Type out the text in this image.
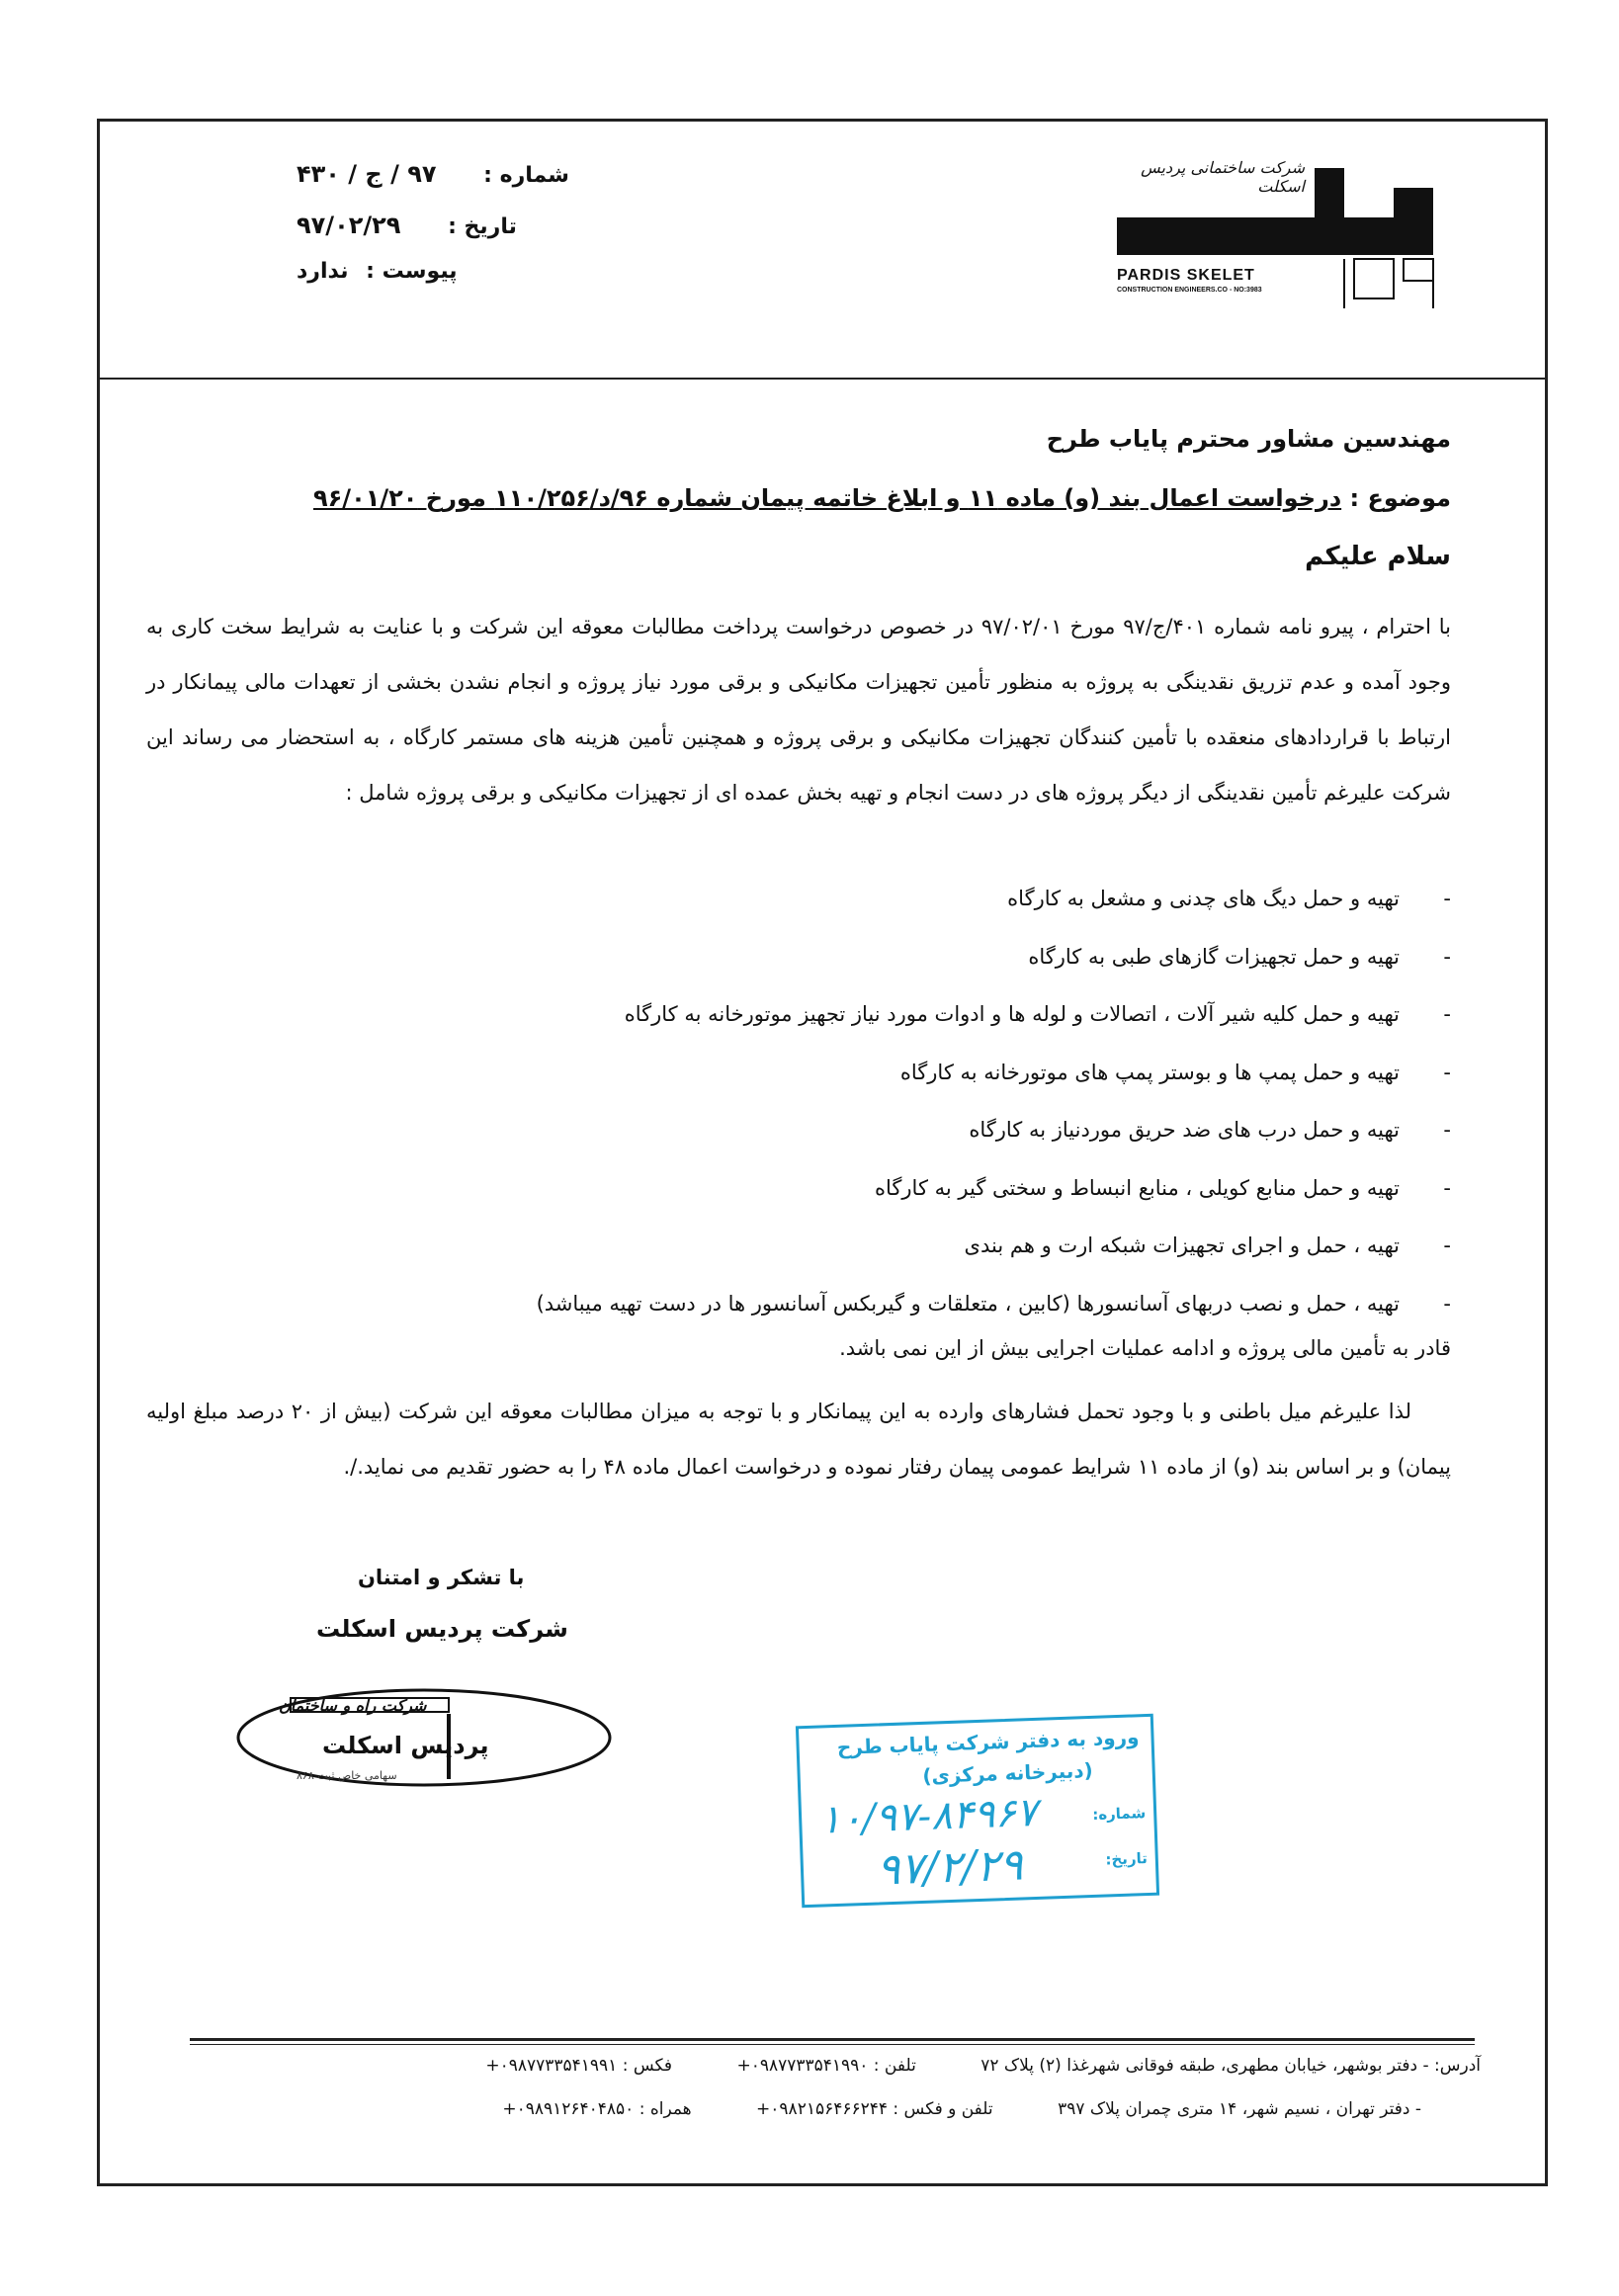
شماره : ۹۷ / ج / ۴۳۰
تاریخ : ۹۷/۰۲/۲۹
پیوست : ندارد
شرکت ساختمانی پردیس اسکلت
PARDIS SKELET
CONSTRUCTION ENGINEERS.CO - NO:3983
مهندسین مشاور محترم پایاب طرح
موضوع : درخواست اعمال بند (و) ماده ۱۱ و ابلاغ خاتمه پیمان شماره ۹۶/د/۱۱۰/۲۵۶ مورخ ۹۶/۰۱/۲۰
سلام علیکم
با احترام ، پیرو نامه شماره ۴۰۱/ج/۹۷ مورخ ۹۷/۰۲/۰۱ در خصوص درخواست پرداخت مطالبات معوقه این شرکت و با عنایت به شرایط سخت کاری به وجود آمده و عدم تزریق نقدینگی به پروژه به منظور تأمین تجهیزات مکانیکی و برقی مورد نیاز پروژه و انجام نشدن بخشی از تعهدات مالی پیمانکار در ارتباط با قراردادهای منعقده با تأمین کنندگان تجهیزات مکانیکی و برقی پروژه و همچنین تأمین هزینه های مستمر کارگاه ، به استحضار می رساند این شرکت علیرغم تأمین نقدینگی از دیگر پروژه های در دست انجام و تهیه بخش عمده ای از تجهیزات مکانیکی و برقی پروژه شامل :
- تهیه و حمل دیگ های چدنی و مشعل به کارگاه
- تهیه و حمل تجهیزات گازهای طبی به کارگاه
- تهیه و حمل کلیه شیر آلات ، اتصالات و لوله ها و ادوات مورد نیاز تجهیز موتورخانه به کارگاه
- تهیه و حمل پمپ ها و بوستر پمپ های موتورخانه به کارگاه
- تهیه و حمل درب های ضد حریق موردنیاز به کارگاه
- تهیه و حمل منابع کویلی ، منابع انبساط و سختی گیر به کارگاه
- تهیه ، حمل و اجرای تجهیزات شبکه ارت و هم بندی
- تهیه ، حمل و نصب دربهای آسانسورها (کابین ، متعلقات و گیربکس آسانسور ها در دست تهیه میباشد)
قادر به تأمین مالی پروژه و ادامه عملیات اجرایی بیش از این نمی باشد.
لذا علیرغم میل باطنی و با وجود تحمل فشارهای وارده به این پیمانکار و با توجه به میزان مطالبات معوقه این شرکت (بیش از ۲۰ درصد مبلغ اولیه پیمان) و بر اساس بند (و) از ماده ۱۱ شرایط عمومی پیمان رفتار نموده و درخواست اعمال ماده ۴۸ را به حضور تقدیم می نماید./.
با تشکر و امتنان
شرکت پردیس اسکلت
شرکت راه و ساختمان
پردیس اسکلت
سهامی خاص ثبت ۸۶۸
ورود به دفتر شرکت پایاب طرح
(دبیرخانه مرکزی)
شماره:
۱۰/۹۷-۸۴۹۶۷
تاریخ:
۹۷/۲/۲۹
آدرس: - دفتر بوشهر، خیابان مطهری، طبقه فوقانی شهرغذا (۲) پلاک ۷۲ تلفن : ۰۹۸۷۷۳۳۵۴۱۹۹۰+ فکس : ۰۹۸۷۷۳۳۵۴۱۹۹۱+
- دفتر تهران ، نسیم شهر، ۱۴ متری چمران پلاک ۳۹۷ تلفن و فکس : ۰۹۸۲۱۵۶۴۶۶۲۴۴+ همراه : ۰۹۸۹۱۲۶۴۰۴۸۵۰+
